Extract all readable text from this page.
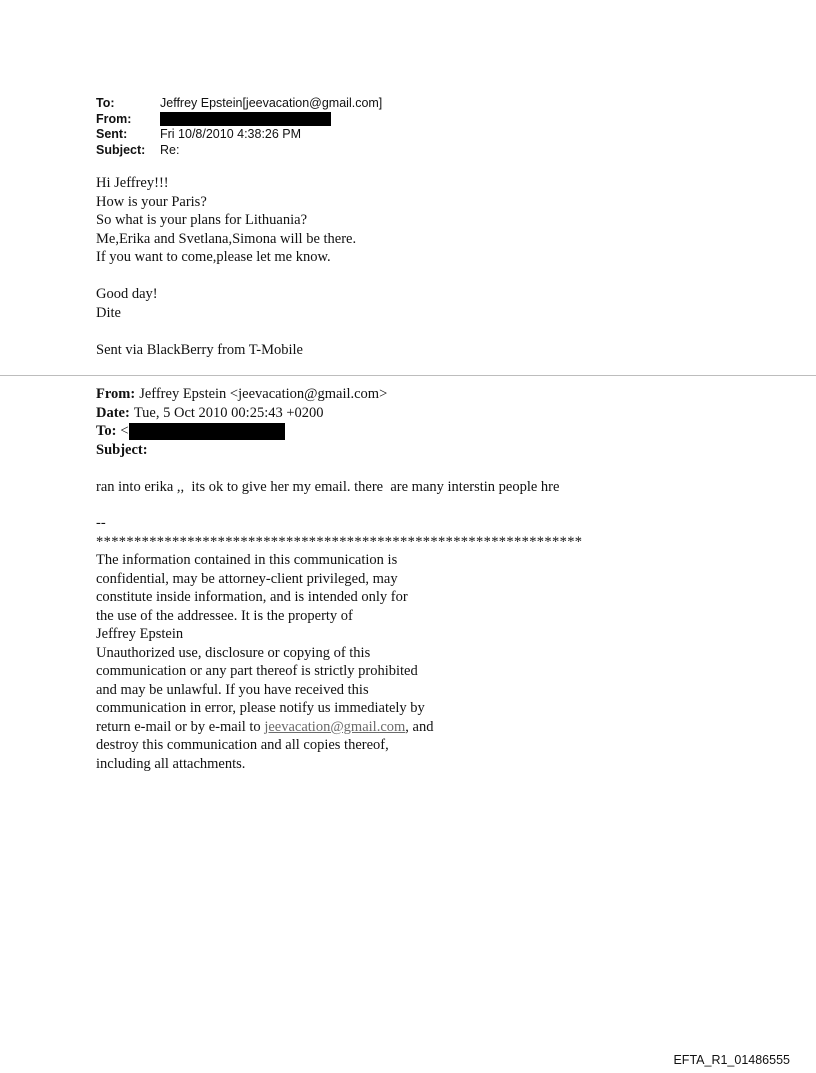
To:	Jeffrey Epstein[jeevacation@gmail.com]
From:
Sent:	Fri 10/8/2010 4:38:26 PM
Subject:	Re:
Hi Jeffrey!!!
How is your Paris?
So what is your plans for Lithuania?
Me,Erika and Svetlana,Simona will be there.
If you want to come,please let me know.
Good day!
Dite
Sent via BlackBerry from T-Mobile
From: Jeffrey Epstein <jeevacation@gmail.com>
Date: Tue, 5 Oct 2010 00:25:43 +0200
To: <
Subject:
ran into erika ,,  its ok to give her my email. there  are many interstin people hre
--
****************************************************************
The information contained in this communication is
confidential, may be attorney-client privileged, may
constitute inside information, and is intended only for
the use of the addressee. It is the property of
Jeffrey Epstein
Unauthorized use, disclosure or copying of this
communication or any part thereof is strictly prohibited
and may be unlawful. If you have received this
communication in error, please notify us immediately by
return e-mail or by e-mail to jeevacation@gmail.com, and
destroy this communication and all copies thereof,
including all attachments.
EFTA_R1_01486555
